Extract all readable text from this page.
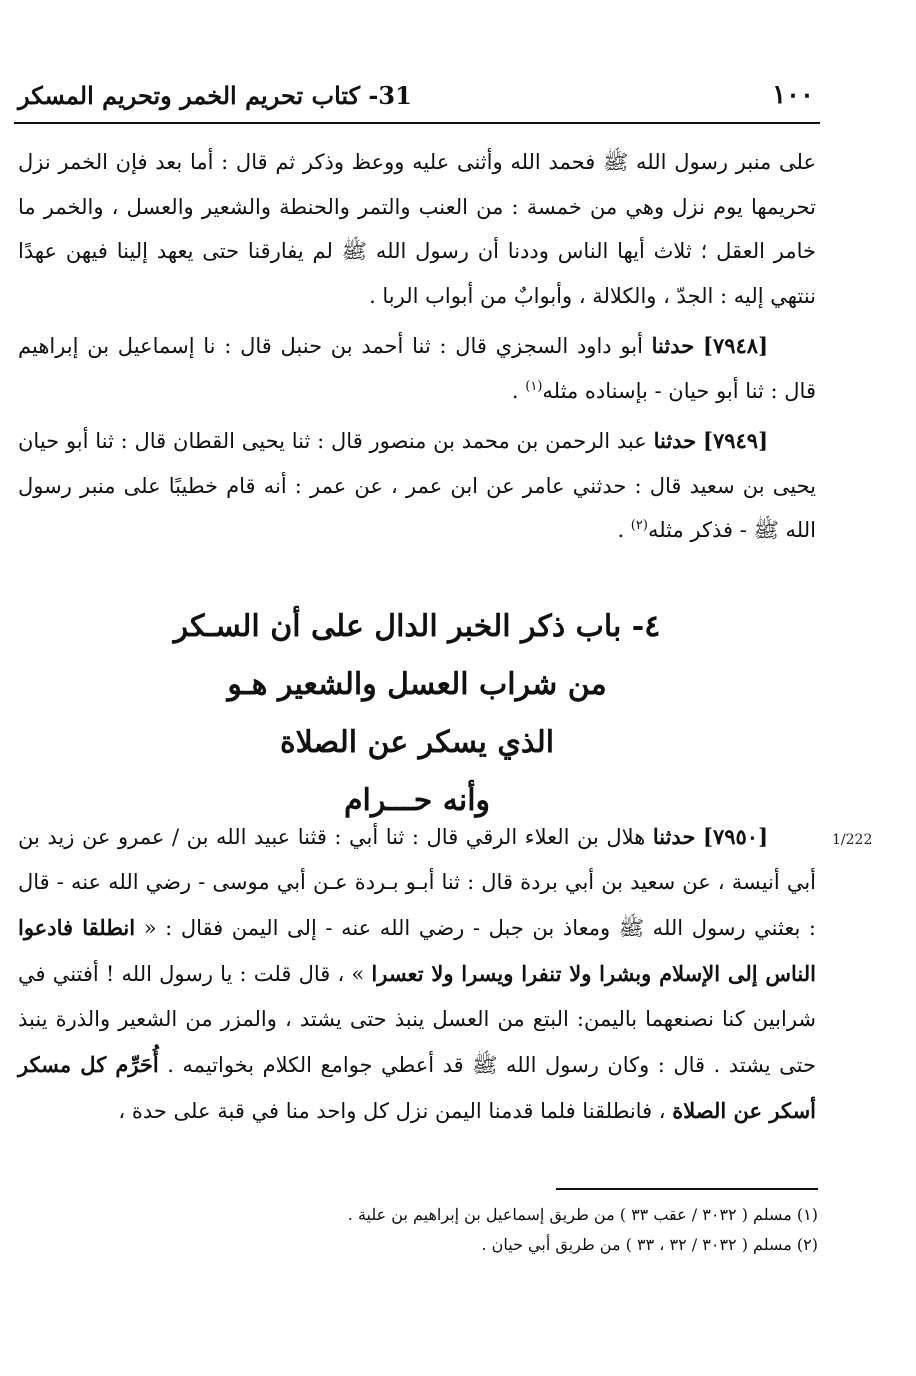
١٠٠
31- كتاب تحريم الخمر وتحريم المسكر

على منبر رسول الله ﷺ فحمد الله وأثنى عليه ووعظ وذكر ثم قال : أما بعد فإن الخمر نزل تحريمها يوم نزل وهي من خمسة : من العنب والتمر والحنطة والشعير والعسل ، والخمر ما خامر العقل ؛ ثلاث أيها الناس وددنا أن رسول الله ﷺ لم يفارقنا حتى يعهد إلينا فيهن عهدًا ننتهي إليه : الجدّ ، والكلالة ، وأبوابٌ من أبواب الربا .

[٧٩٤٨] حدثنا أبو داود السجزي قال : ثنا أحمد بن حنبل قال : نا إسماعيل بن إبراهيم قال : ثنا أبو حيان - بإسناده مثله$^{(١)}$ .

[٧٩٤٩] حدثنا عبد الرحمن بن محمد بن منصور قال : ثنا يحيى القطان قال : ثنا أبو حيان يحيى بن سعيد قال : حدثني عامر عن ابن عمر ، عن عمر : أنه قام خطيبًا على منبر رسول الله ﷺ - فذكر مثله$^{(٢)}$ .

٤- باب ذكر الخبر الدال على أن السـكر

من شراب العسل والشعير هـو

الذي يسكر عن الصلاة

وأنه حـــرام

1/222

[٧٩٥٠] حدثنا هلال بن العلاء الرقي قال : ثنا أبي : قثنا عبيد الله بن / عمرو عن زيد بن أبي أنيسة ، عن سعيد بن أبي بردة قال : ثنا أبـو بـردة عـن أبي موسى - رضي الله عنه - قال : بعثني رسول الله ﷺ ومعاذ بن جبل - رضي الله عنه - إلى اليمن فقال : « انطلقا فادعوا الناس إلى الإسلام وبشرا ولا تنفرا ويسرا ولا تعسرا » ، قال قلت : يا رسول الله ! أفتني في شرابين كنا نصنعهما باليمن: البتع من العسل ينبذ حتى يشتد ، والمزر من الشعير والذرة ينبذ حتى يشتد . قال : وكان رسول الله ﷺ قد أعطي جوامع الكلام بخواتيمه . أُحَرِّم كل مسكر أسكر عن الصلاة ، فانطلقنا فلما قدمنا اليمن نزل كل واحد منا في قبة على حدة ،

(١) مسلم ( ٣٠٣٢ / عقب ٣٣ ) من طريق إسماعيل بن إبراهيم بن علية .

(٢) مسلم ( ٣٠٣٢ / ٣٢ ، ٣٣ ) من طريق أبي حيان .
